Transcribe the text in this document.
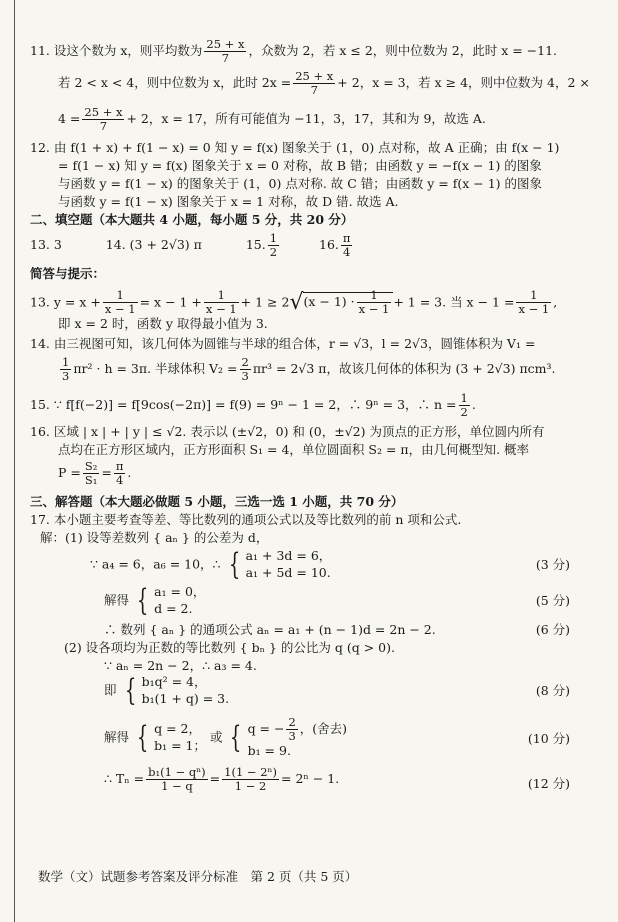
11. 设这个数为 x，则平均数为 $\frac{25 + x}{7}$ ，众数为 2，若 x ≤ 2，则中位数为 2，此时 x = −11.
若 2 < x < 4，则中位数为 x，此时 $2x = \frac{25 + x}{7} + 2$，x = 3，若 x ≥ 4，则中位数为 4，2 ×
$4 = \frac{25 + x}{7} + 2$，x = 17，所有可能值为 −11，3，17，其和为 9，故选 A.
12. 由 f(1 + x) + f(1 − x) = 0 知 y = f(x) 图象关于 (1，0) 点对称，故 A 正确；由 f(x − 1)
= f(1 − x) 知 y = f(x) 图象关于 x = 0 对称，故 B 错；由函数 y = −f(x − 1) 的图象
与函数 y = f(1 − x) 的图象关于 (1，0) 点对称. 故 C 错；由函数 y = f(x − 1) 的图象
与函数 y = f(1 − x) 图象关于 x = 1 对称，故 D 错. 故选 A.
二、填空题（本大题共 4 小题，每小题 5 分，共 20 分）
13. 3	14. (3 + 2√3) π	15. $\frac{1}{2}$	16. $\frac{\pi}{4}$
简答与提示：
13. $y = x + \frac{1}{x - 1} = x - 1 + \frac{1}{x - 1} + 1 \ge 2√(x - 1) \cdot \frac{1}{x - 1} + 1 = 3$. 当 $x - 1 = \frac{1}{x - 1}$ ,
即 x = 2 时，函数 y 取得最小值为 3.
14. 由三视图可知，该几何体为圆锥与半球的组合体，r = √3，l = 2√3，圆锥体积为 V₁ =
$\frac{1}{3} \pi r^2 \cdot h = 3\pi$. 半球体积 $V_2 = \frac{2}{3} \pi r^3 = 2√3$ π，故该几何体的体积为 (3 + 2√3) πcm³.
15. ∵ f[f(−2)] = f[9cos(−2π)] = f(9) = 9ⁿ − 1 = 2，∴ 9ⁿ = 3，∴ $n = \frac{1}{2}$ .
16. 区域 | x | + | y | ≤ √2. 表示以 (±√2，0) 和 (0，±√2) 为顶点的正方形，单位圆内所有
点均在正方形区域内，正方形面积 S₁ = 4，单位圆面积 S₂ = π，由几何概型知. 概率
$P = \frac{\text{S₂}}{\text{S₁}} = \frac{\pi}{4}$ .
三、解答题（本大题必做题 5 小题，三选一选 1 小题，共 70 分）
17. 本小题主要考查等差、等比数列的通项公式以及等比数列的前 n 项和公式.
解：(1) 设等差数列 { aₙ } 的公差为 d，
∵ a₄ = 6，a₆ = 10，∴ { a₁ + 3d = 6，
a₁ + 5d = 10.
(3 分)
解得 { a₁ = 0，
d = 2.
(5 分)
∴ 数列 { aₙ } 的通项公式 aₙ = a₁ + (n − 1)d = 2n − 2.	(6 分)
(2) 设各项均为正数的等比数列 { bₙ } 的公比为 q (q > 0).
∵ aₙ = 2n − 2，∴ a₃ = 4.
即 { b₁q² = 4，
b₁(1 + q) = 3.
(8 分)
解得 { q = 2，
b₁ = 1；
或 { q = − $\frac{2}{3}$ ，(舍去)
b₁ = 9.
(10 分)
∴ $T_n = \frac{\text{b₁(1 − qⁿ)}}{1 - q} = \frac{\text{1(1 − 2ⁿ)}}{1 - 2} = 2^n - 1$.	(12 分)
数学（文）试题参考答案及评分标准　第 2 页（共 5 页）
